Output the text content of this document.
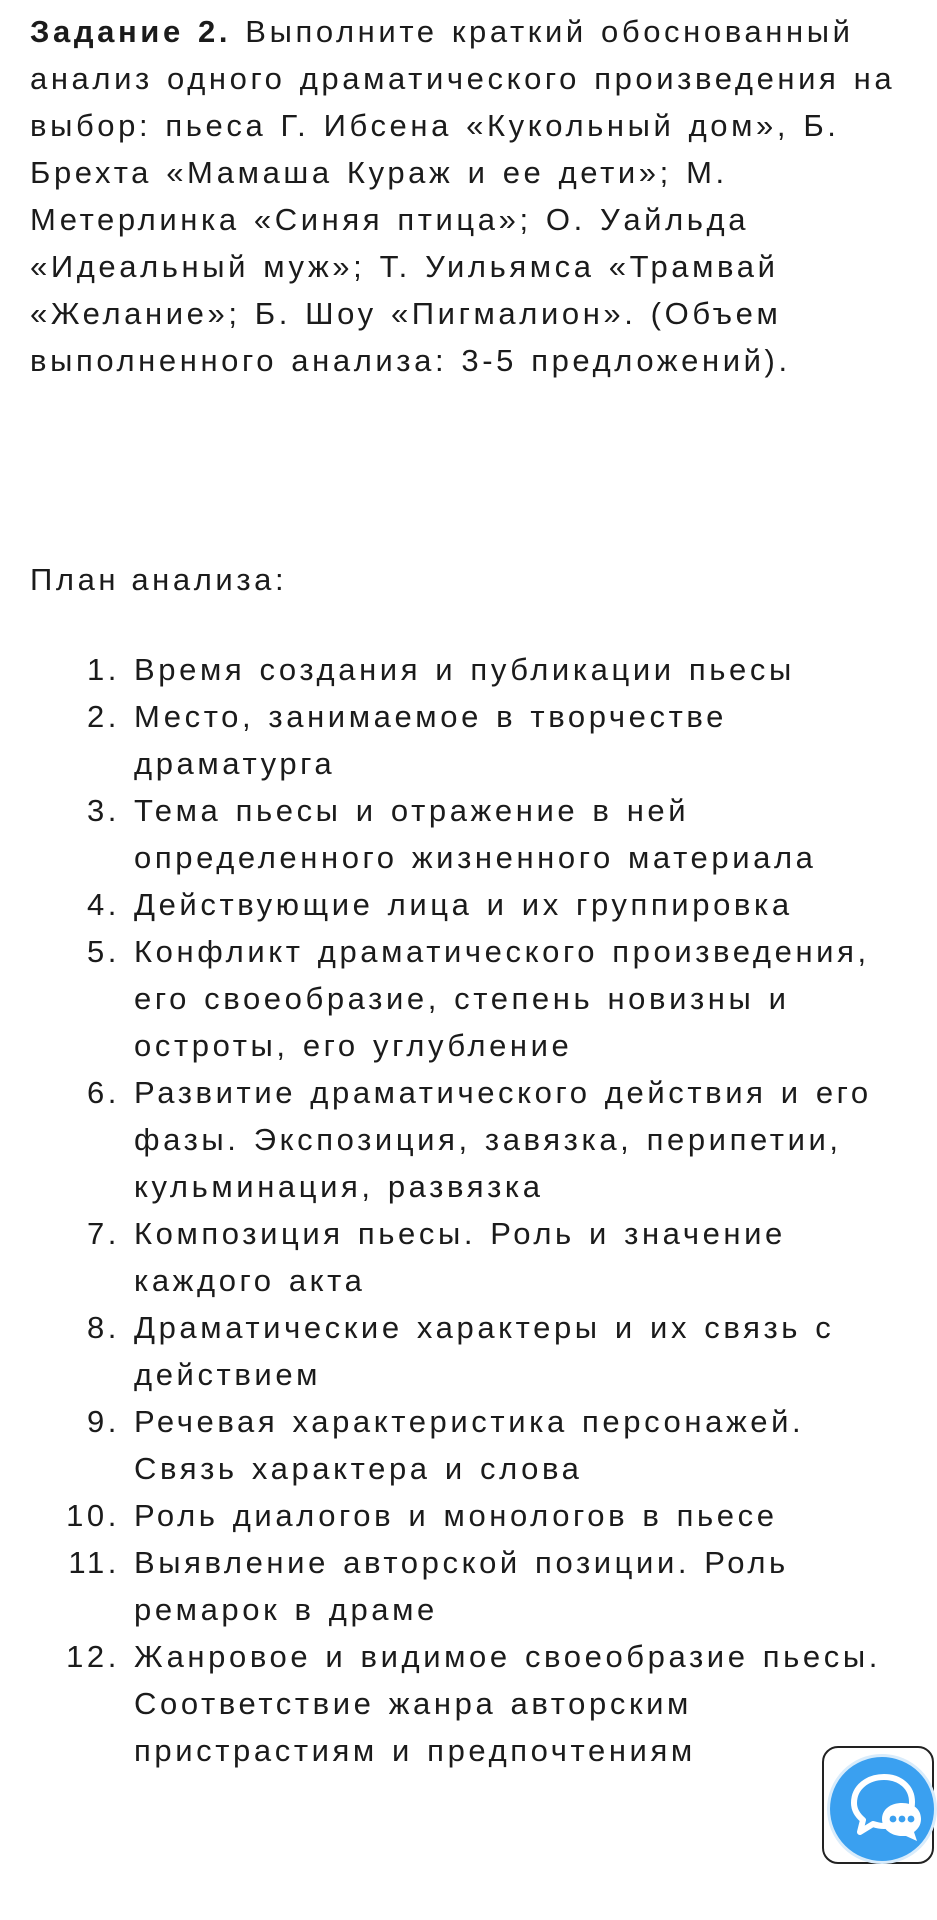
Задание 2. Выполните краткий обоснованный анализ одного драматического произведения на выбор: пьеса Г. Ибсена «Кукольный дом», Б. Брехта «Мамаша Кураж и ее дети»; М. Метерлинка «Синяя птица»; О. Уайльда «Идеальный муж»; Т. Уильямса «Трамвай «Желание»; Б. Шоу «Пигмалион». (Объем выполненного анализа: 3-5 предложений).

План анализа:

1. Время создания и публикации пьесы
2. Место, занимаемое в творчестве драматурга
3. Тема пьесы и отражение в ней определенного жизненного материала
4. Действующие лица и их группировка
5. Конфликт драматического произведения, его своеобразие, степень новизны и остроты, его углубление
6. Развитие драматического действия и его фазы. Экспозиция, завязка, перипетии, кульминация, развязка
7. Композиция пьесы. Роль и значение каждого акта
8. Драматические характеры и их связь с действием
9. Речевая характеристика персонажей. Связь характера и слова
10. Роль диалогов и монологов в пьесе
11. Выявление авторской позиции. Роль ремарок в драме
12. Жанровое и видимое своеобразие пьесы. Соответствие жанра авторским пристрастиям и предпочтениям
